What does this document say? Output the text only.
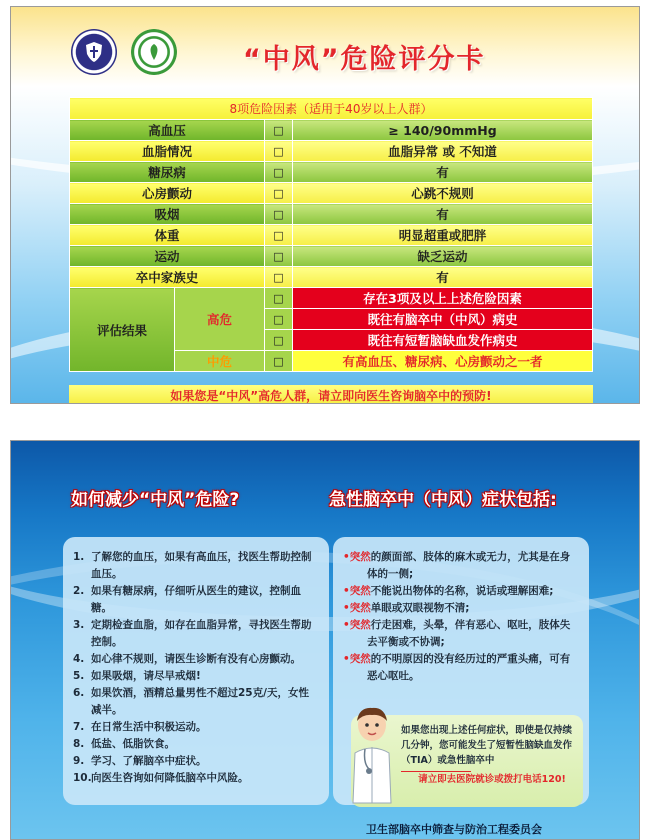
“中风”危险评分卡
8项危险因素（适用于40岁以上人群）			
高血压		□	≥ 140/90mmHg
血脂情况		□	血脂异常 或 不知道
糖尿病		□	有
心房颤动		□	心跳不规则
吸烟		□	有
体重		□	明显超重或肥胖
运动		□	缺乏运动
卒中家族史		□	有
评估结果	高危	□	存在3项及以上上述危险因素
		□	既往有脑卒中（中风）病史
		□	既往有短暂脑缺血发作病史
	中危	□	有高血压、糖尿病、心房颤动之一者
如果您是“中风”高危人群，请立即向医生咨询脑卒中的预防!
如何减少“中风”危险?	急性脑卒中（中风）症状包括:
1. 了解您的血压，如果有高血压，找医生帮助控制血压。
2. 如果有糖尿病，仔细听从医生的建议，控制血糖。
3. 定期检查血脂，如存在血脂异常，寻找医生帮助控制。
4. 如心律不规则，请医生诊断有没有心房颤动。
5. 如果吸烟，请尽早戒烟!
6. 如果饮酒，酒精总量男性不超过25克/天，女性减半。
7. 在日常生活中积极运动。
8. 低盐、低脂饮食。
9. 学习、了解脑卒中症状。
10. 向医生咨询如何降低脑卒中风险。
•突然的颜面部、肢体的麻木或无力，尤其是在身体的一侧;
•突然不能说出物体的名称，说话或理解困难;
•突然单眼或双眼视物不清;
•突然行走困难，头晕，伴有恶心、呕吐，肢体失去平衡或不协调;
•突然的不明原因的没有经历过的严重头痛，可有恶心呕吐。

如果您出现上述任何症状，即使是仅持续几分钟，您可能发生了短暂性脑缺血发作（TIA）或急性脑卒中

请立即去医院就诊或拨打电话120!

卫生部脑卒中筛查与防治工程委员会
